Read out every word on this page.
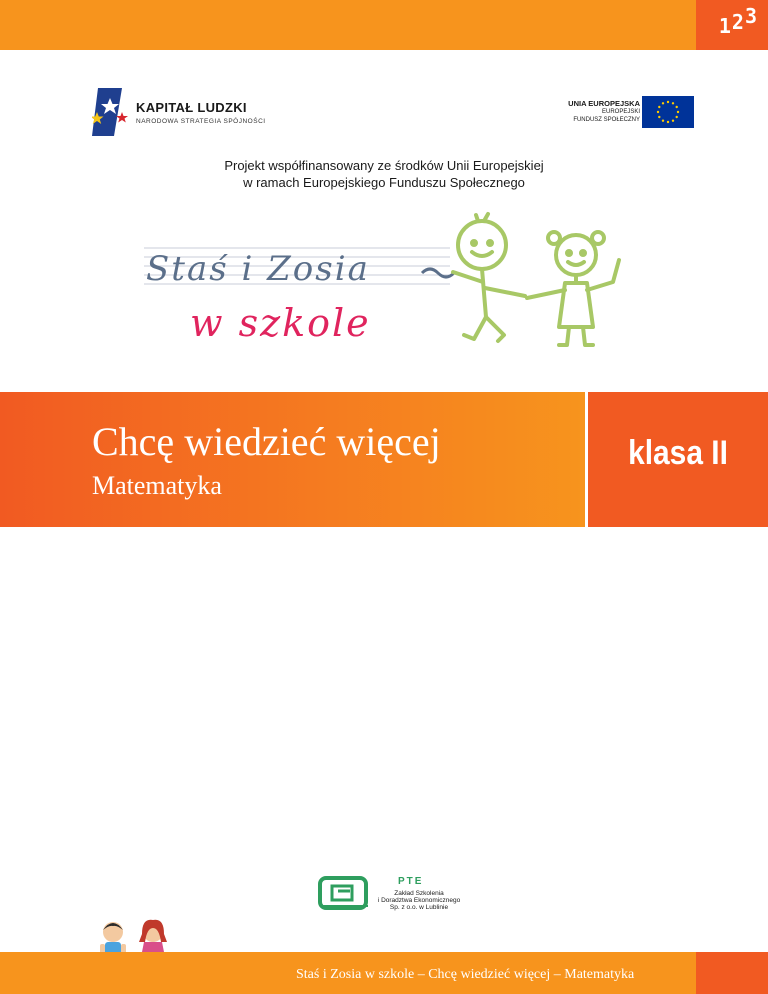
123
KAPITAŁ LUDZKI
NARODOWA STRATEGIA SPÓJNOŚCI
UNIA EUROPEJSKA
EUROPEJSKI
FUNDUSZ SPOŁECZNY
Projekt współfinansowany ze środków Unii Europejskiej
w ramach Europejskiego Funduszu Społecznego
Staś i Zosia
w szkole
Chcę wiedzieć więcej
Matematyka
klasa II
PTE
Zakład Szkolenia
i Doradztwa Ekonomicznego
Sp. z o.o. w Lublinie
Staś i Zosia w szkole – Chcę wiedzieć więcej – Matematyka
